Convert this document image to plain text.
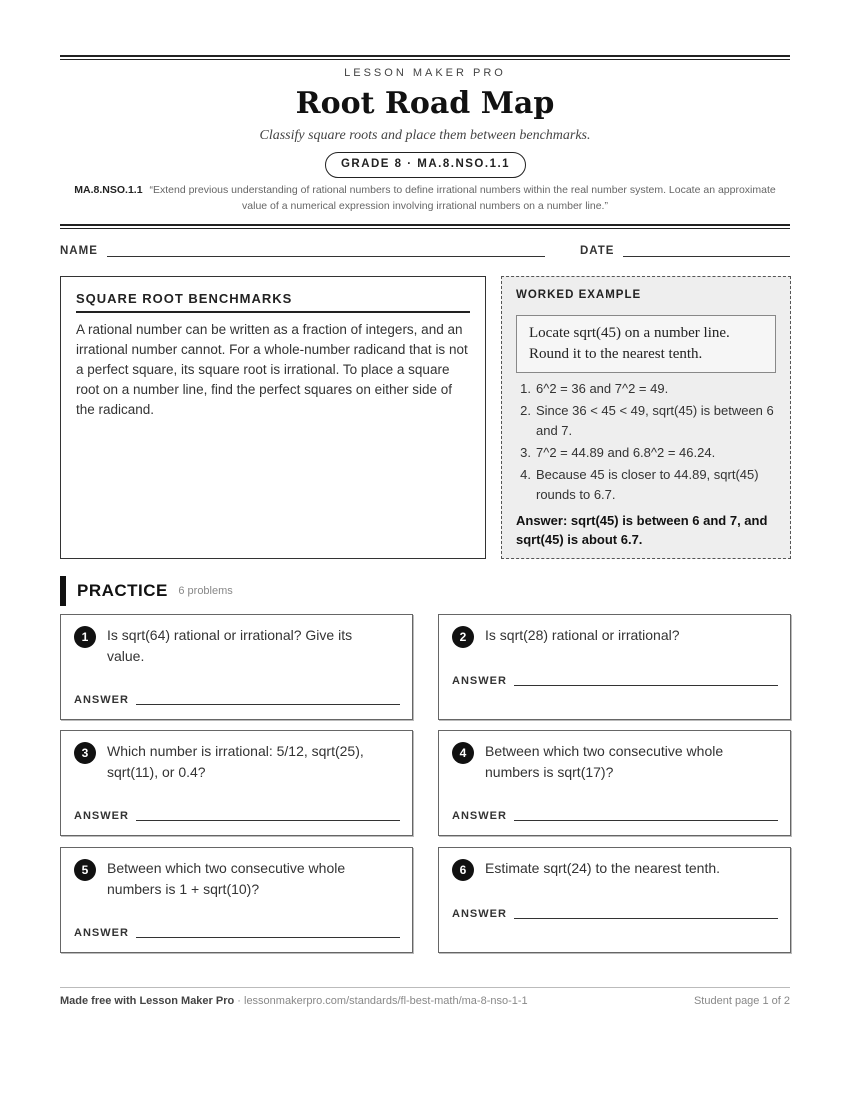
LESSON MAKER PRO
Root Road Map
Classify square roots and place them between benchmarks.
GRADE 8 · MA.8.NSO.1.1
MA.8.NSO.1.1 “Extend previous understanding of rational numbers to define irrational numbers within the real number system. Locate an approximate value of a numerical expression involving irrational numbers on a number line.”
NAME	DATE
SQUARE ROOT BENCHMARKS
A rational number can be written as a fraction of integers, and an irrational number cannot. For a whole-number radicand that is not a perfect square, its square root is irrational. To place a square root on a number line, find the perfect squares on either side of the radicand.
WORKED EXAMPLE
Locate sqrt(45) on a number line. Round it to the nearest tenth.
1. 6^2 = 36 and 7^2 = 49.
2. Since 36 < 45 < 49, sqrt(45) is between 6 and 7.
3. 7^2 = 44.89 and 6.8^2 = 46.24.
4. Because 45 is closer to 44.89, sqrt(45) rounds to 6.7.
Answer: sqrt(45) is between 6 and 7, and sqrt(45) is about 6.7.
PRACTICE 6 problems
1	Is sqrt(64) rational or irrational? Give its value.
ANSWER
2	Is sqrt(28) rational or irrational?
ANSWER
3	Which number is irrational: 5/12, sqrt(25), sqrt(11), or 0.4?
ANSWER
4	Between which two consecutive whole numbers is sqrt(17)?
ANSWER
5	Between which two consecutive whole numbers is 1 + sqrt(10)?
ANSWER
6	Estimate sqrt(24) to the nearest tenth.
ANSWER
Made free with Lesson Maker Pro · lessonmakerpro.com/standards/fl-best-math/ma-8-nso-1-1	Student page 1 of 2
